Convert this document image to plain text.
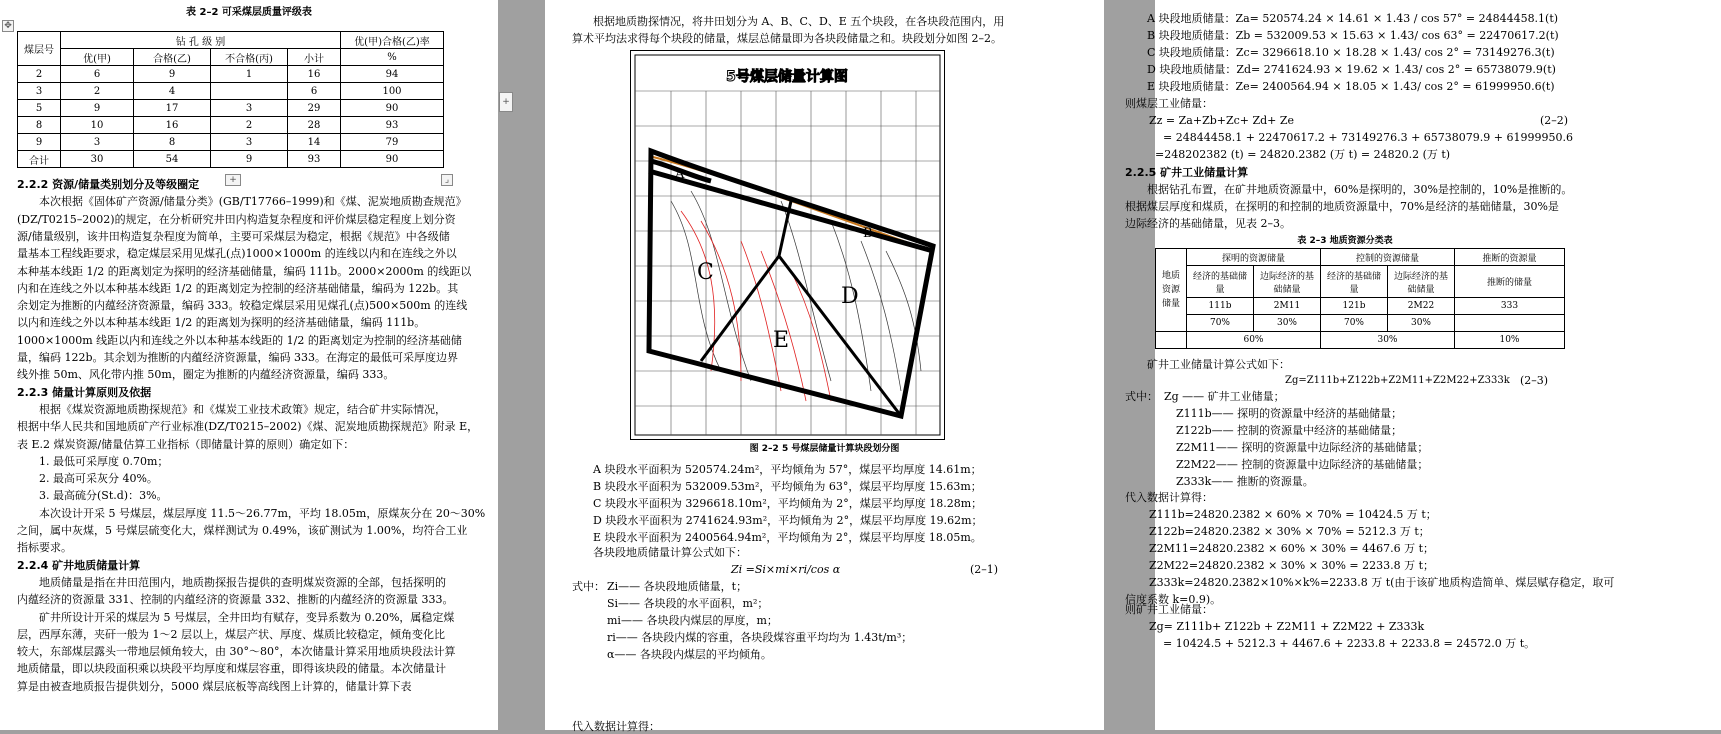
✥
表 2–2 可采煤层质量评级表
煤层号	钻 孔 级 别				优(甲)合格(乙)率
	优(甲)	合格(乙)	不合格(丙)	小计	%
2	6	9	1	16	94
3	2	4		6	100
5	9	17	3	29	90
8	10	16	2	28	93
9	3	8	3	14	79
合计	30	54	9	93	90
⌟
+
2.2.2 资源/储量类别划分及等级圈定
本次根据《固体矿产资源/储量分类》(GB/T17766–1999)和《煤、泥炭地质勘查规范》
(DZ/T0215–2002)的规定，在分析研究井田内构造复杂程度和评价煤层稳定程度上划分资
源/储量级别，该井田构造复杂程度为简单，主要可采煤层为稳定，根据《规范》中各级储
量基本工程线距要求，稳定煤层采用见煤孔(点)1000×1000m 的连线以内和在连线之外以
本种基本线距 1/2 的距离划定为探明的经济基础储量，编码 111b。2000×2000m 的线距以
内和在连线之外以本种基本线距 1/2 的距离划定为控制的经济基础储量，编码为 122b。其
余划定为推断的内蕴经济资源量，编码 333。较稳定煤层采用见煤孔(点)500×500m 的连线
以内和连线之外以本种基本线距 1/2 的距离划为探明的经济基础储量，编码 111b。
1000×1000m 线距以内和连线之外以本种基本线距的 1/2 的距离划定为控制的经济基础储
量，编码 122b。其余划为推断的内蕴经济资源量，编码 333。在海定的最低可采厚度边界
线外推 50m、风化带内推 50m，圈定为推断的内蕴经济资源量，编码 333。
2.2.3 储量计算原则及依据
根据《煤炭资源地质勘探规范》和《煤炭工业技术政策》规定，结合矿井实际情况，
根据中华人民共和国地质矿产行业标准(DZ/T0215–2002)《煤、泥炭地质勘探规范》附录 E，
表 E.2 煤炭资源/储量估算工业指标（即储量计算的原则）确定如下：
1. 最低可采厚度 0.70m；
2. 最高可采灰分 40%。
3. 最高硫分(St.d)：3%。
本次设计开采 5 号煤层，煤层厚度 11.5～26.77m，平均 18.05m，原煤灰分在 20～30%
之间，属中灰煤，5 号煤层硫变化大，煤样测试为 0.49%，该矿测试为 1.00%，均符合工业
指标要求。
2.2.4 矿井地质储量计算
地质储量是指在井田范围内，地质勘探报告提供的查明煤炭资源的全部，包括探明的
内蕴经济的资源量 331、控制的内蕴经济的资源量 332、推断的内蕴经济的资源量 333。
矿井所设计开采的煤层为 5 号煤层，全井田均有赋存，变异系数为 0.20%，属稳定煤
层，西厚东薄，夹矸一般为 1～2 层以上，煤层产状、厚度、煤质比较稳定，倾角变化比
较大，东部煤层露头一带地层倾角较大，由 30°～80°，本次储量计算采用地质块段法计算
地质储量，即以块段面积乘以块段平均厚度和煤层容重，即得该块段的储量。本次储量计
算是由被查地质报告提供划分，5000 煤层底板等高线图上计算的，储量计算下表
根据地质勘探情况，将井田划分为 A、B、C、D、E 五个块段，在各块段范围内，用
算术平均法求得每个块段的储量，煤层总储量即为各块段储量之和。块段划分如图 2–2。
A
B
C
D
E
5号煤层储量计算图
图 2–2 5 号煤层储量计算块段划分图
A 块段水平面积为 520574.24m²，平均倾角为 57°，煤层平均厚度 14.61m；
B 块段水平面积为 532009.53m²，平均倾角为 63°，煤层平均厚度 15.63m；
C 块段水平面积为 3296618.10m²，平均倾角为 2°，煤层平均厚度 18.28m；
D 块段水平面积为 2741624.93m²，平均倾角为 2°，煤层平均厚度 19.62m；
E 块段水平面积为 2400564.94m²，平均倾角为 2°，煤层平均厚度 18.05m。
各块段地质储量计算公式如下：
Zi =Si×mi×ri/cos α	(2–1)
式中： Zi—— 各块段地质储量，t；
Si—— 各块段的水平面积，m²；
mi—— 各块段内煤层的厚度，m；
ri—— 各块段内煤的容重，各块段煤容重平均均为 1.43t/m³；
α—— 各块段内煤层的平均倾角。
代入数据计算得：
A 块段地质储量：Za= 520574.24 × 14.61 × 1.43 / cos 57° = 24844458.1(t)
B 块段地质储量：Zb = 532009.53 × 15.63 × 1.43/ cos 63° = 22470617.2(t)
C 块段地质储量：Zc= 3296618.10 × 18.28 × 1.43/ cos 2° = 73149276.3(t)
D 块段地质储量：Zd= 2741624.93 × 19.62 × 1.43/ cos 2° = 65738079.9(t)
E 块段地质储量：Ze= 2400564.94 × 18.05 × 1.43/ cos 2° = 61999950.6(t)
则煤层工业储量：
Zz = Za+Zb+Zc+ Zd+ Ze	(2–2)
= 24844458.1 + 22470617.2 + 73149276.3 + 65738079.9 + 61999950.6
=248202382 (t) = 24820.2382 (万 t) = 24820.2 (万 t)
2.2.5 矿井工业储量计算
根据钻孔布置，在矿井地质资源量中，60%是探明的，30%是控制的，10%是推断的。
根据煤层厚度和煤质，在探明的和控制的地质资源量中，70%是经济的基础储量，30%是
边际经济的基础储量，见表 2–3。
表 2–3 地质资源分类表
地质资源储量	探明的资源储量		控制的资源储量		推断的资源量
	经济的基础储量	边际经济的基础储量	经济的基础储量	边际经济的基础储量	推断的储量
	111b	2M11	121b	2M22	333
	70%	30%	70%	30%	
	60%		30%		10%
矿井工业储量计算公式如下：
Zg=Z111b+Z122b+Z2M11+Z2M22+Z333k (2–3)
式中： Zg —— 矿井工业储量；
Z111b—— 探明的资源量中经济的基础储量；
Z122b—— 控制的资源量中经济的基础储量；
Z2M11—— 探明的资源量中边际经济的基础储量；
Z2M22—— 控制的资源量中边际经济的基础储量；
Z333k—— 推断的资源量。
代入数据计算得：
Z111b=24820.2382 × 60% × 70% = 10424.5 万 t；
Z122b=24820.2382 × 30% × 70% = 5212.3 万 t；
Z2M11=24820.2382 × 60% × 30% = 4467.6 万 t；
Z2M22=24820.2382 × 30% × 30% = 2233.8 万 t；
Z333k=24820.2382×10%×k%=2233.8 万 t(由于该矿地质构造简单、煤层赋存稳定，取可
信度系数 k=0.9)。
则矿井工业储量：
Zg= Z111b+ Z122b + Z2M11 + Z2M22 + Z333k
= 10424.5 + 5212.3 + 4467.6 + 2233.8 + 2233.8 = 24572.0 万 t。
+
